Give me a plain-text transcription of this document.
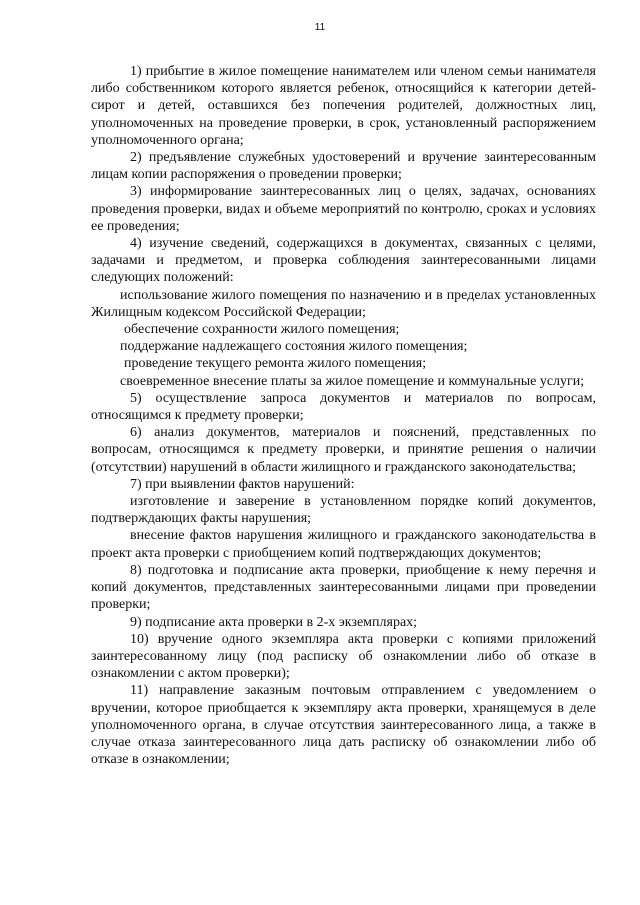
11

1) прибытие в жилое помещение нанимателем или членом семьи нанимателя либо собственником которого является ребенок, относящийся к категории детей-сирот и детей, оставшихся без попечения родителей, должностных лиц, уполномоченных на проведение проверки, в срок, установленный распоряжением уполномоченного органа;

2) предъявление служебных удостоверений и вручение заинтересованным лицам копии распоряжения о проведении проверки;

3) информирование заинтересованных лиц о целях, задачах, основаниях проведения проверки, видах и объеме мероприятий по контролю, сроках и условиях ее проведения;

4) изучение сведений, содержащихся в документах, связанных с целями, задачами и предметом, и проверка соблюдения заинтересованными лицами следующих положений:

использование жилого помещения по назначению и в пределах установленных Жилищным кодексом Российской Федерации;

обеспечение сохранности жилого помещения;

поддержание надлежащего состояния жилого помещения;

проведение текущего ремонта жилого помещения;

своевременное внесение платы за жилое помещение и коммунальные услуги;

5) осуществление запроса документов и материалов по вопросам, относящимся к предмету проверки;

6) анализ документов, материалов и пояснений, представленных по вопросам, относящимся к предмету проверки, и принятие решения о наличии (отсутствии) нарушений в области жилищного и гражданского законодательства;

7) при выявлении фактов нарушений:

изготовление и заверение в установленном порядке копий документов, подтверждающих факты нарушения;

внесение фактов нарушения жилищного и гражданского законодательства в проект акта проверки с приобщением копий подтверждающих документов;

8) подготовка и подписание акта проверки, приобщение к нему перечня и копий документов, представленных заинтересованными лицами при проведении проверки;

9) подписание акта проверки в 2-х экземплярах;

10) вручение одного экземпляра акта проверки с копиями приложений заинтересованному лицу (под расписку об ознакомлении либо об отказе в ознакомлении с актом проверки);

11) направление заказным почтовым отправлением с уведомлением о вручении, которое приобщается к экземпляру акта проверки, хранящемуся в деле уполномоченного органа, в случае отсутствия заинтересованного лица, а также в случае отказа заинтересованного лица дать расписку об ознакомлении либо об отказе в ознакомлении;
